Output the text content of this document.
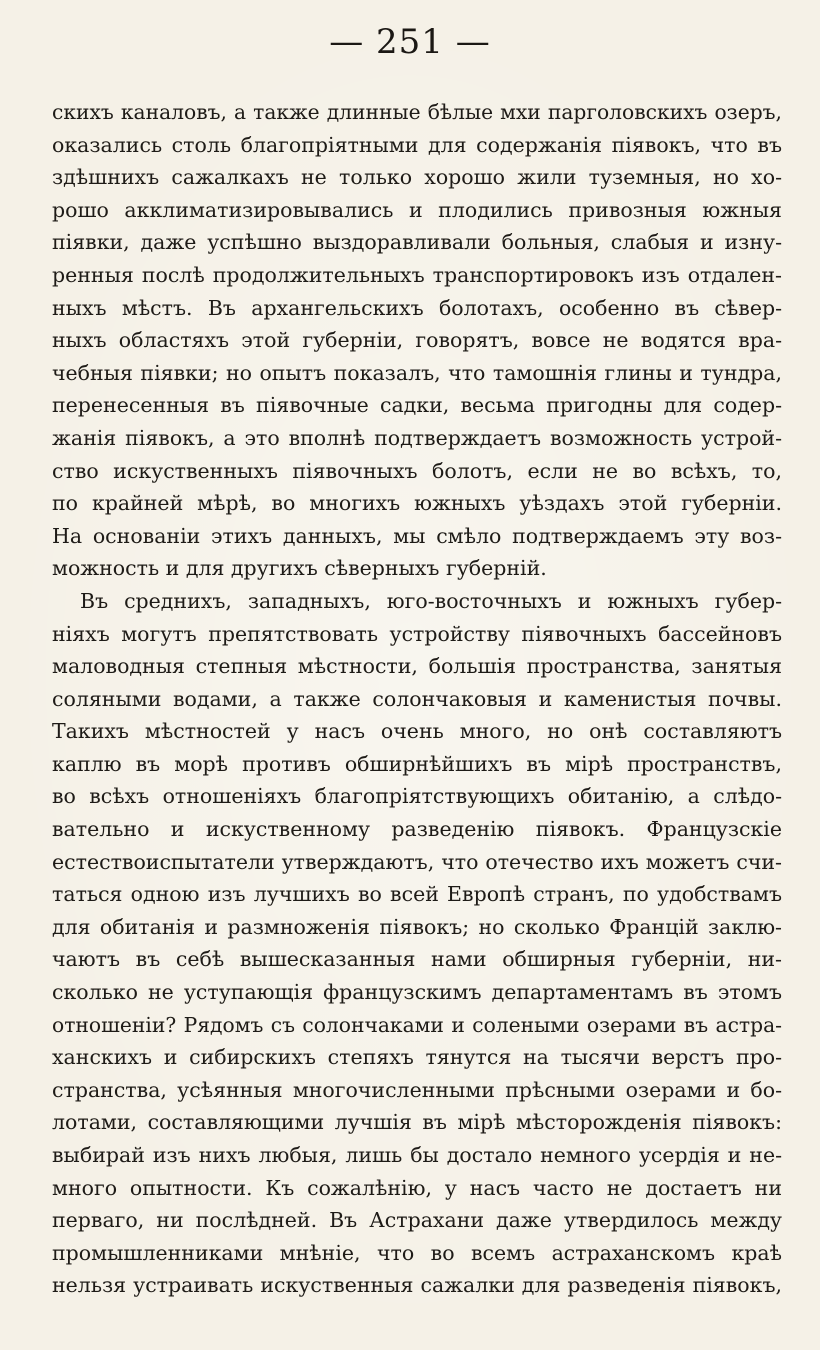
— 251 —
скихъ каналовъ, а также длинные бѣлые мхи парголовскихъ озеръ,
оказались столь благопріятными для содержанія піявокъ, что въ
здѣшнихъ сажалкахъ не только хорошо жили туземныя, но хо-
рошо акклиматизировывались и плодились привозныя южныя
піявки, даже успѣшно выздоравливали больныя, слабыя и изну-
ренныя послѣ продолжительныхъ транспортировокъ изъ отдален-
ныхъ мѣстъ. Въ архангельскихъ болотахъ, особенно въ сѣвер-
ныхъ областяхъ этой губерніи, говорятъ, вовсе не водятся вра-
чебныя піявки; но опытъ показалъ, что тамошнія глины и тундра,
перенесенныя въ піявочные садки, весьма пригодны для содер-
жанія піявокъ, а это вполнѣ подтверждаетъ возможность устрой-
ство искуственныхъ піявочныхъ болотъ, если не во всѣхъ, то,
по крайней мѣрѣ, во многихъ южныхъ уѣздахъ этой губерніи.
На основаніи этихъ данныхъ, мы смѣло подтверждаемъ эту воз-
можность и для другихъ сѣверныхъ губерній.
Въ среднихъ, западныхъ, юго-восточныхъ и южныхъ губер-
ніяхъ могутъ препятствовать устройству піявочныхъ бассейновъ
маловодныя степныя мѣстности, большія пространства, занятыя
соляными водами, а также солончаковыя и каменистыя почвы.
Такихъ мѣстностей у насъ очень много, но онѣ составляютъ
каплю въ морѣ противъ обширнѣйшихъ въ мірѣ пространствъ,
во всѣхъ отношеніяхъ благопріятствующихъ обитанію, а слѣдо-
вательно и искуственному разведенію піявокъ. Французскіе
естествоиспытатели утверждаютъ, что отечество ихъ можетъ счи-
таться одною изъ лучшихъ во всей Европѣ странъ, по удобствамъ
для обитанія и размноженія піявокъ; но сколько Францій заклю-
чаютъ въ себѣ вышесказанныя нами обширныя губерніи, ни-
сколько не уступающія французскимъ департаментамъ въ этомъ
отношеніи? Рядомъ съ солончаками и солеными озерами въ астра-
ханскихъ и сибирскихъ степяхъ тянутся на тысячи верстъ про-
странства, усѣянныя многочисленными прѣсными озерами и бо-
лотами, составляющими лучшія въ мірѣ мѣсторожденія піявокъ:
выбирай изъ нихъ любыя, лишь бы достало немного усердія и не-
много опытности. Къ сожалѣнію, у насъ часто не достаетъ ни
перваго, ни послѣдней. Въ Астрахани даже утвердилось между
промышленниками мнѣніе, что во всемъ астраханскомъ краѣ
нельзя устраивать искуственныя сажалки для разведенія піявокъ,
